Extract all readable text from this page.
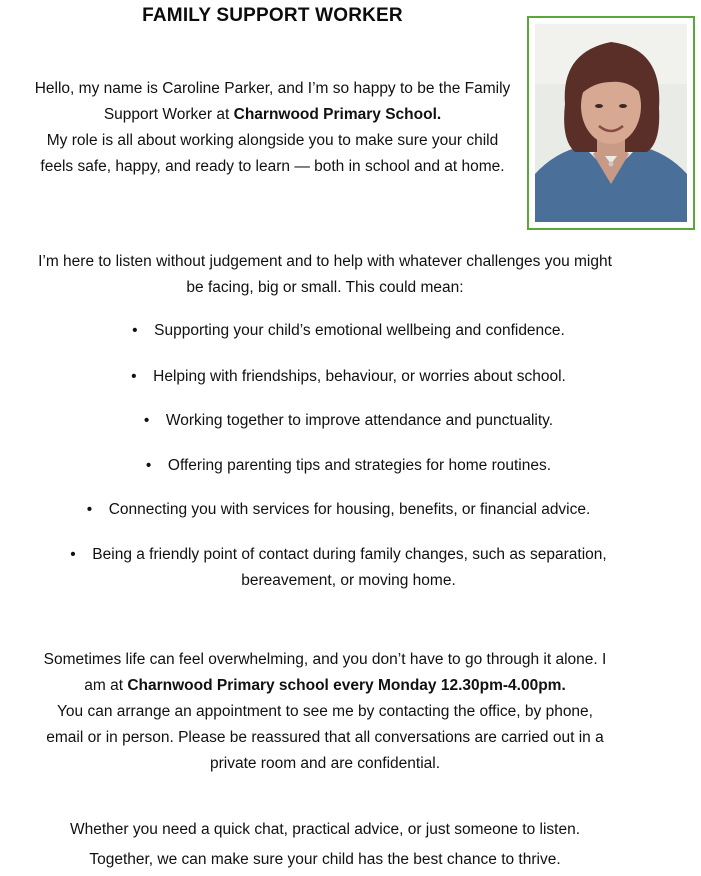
FAMILY SUPPORT WORKER
Hello, my name is Caroline Parker, and I’m so happy to be the Family
Support Worker at Charnwood Primary School.
My role is all about working alongside you to make sure your child
feels safe, happy, and ready to learn — both in school and at home.
I’m here to listen without judgement and to help with whatever challenges you might
be facing, big or small. This could mean:
• Supporting your child’s emotional wellbeing and confidence.
• Helping with friendships, behaviour, or worries about school.
• Working together to improve attendance and punctuality.
• Offering parenting tips and strategies for home routines.
• Connecting you with services for housing, benefits, or financial advice.
• Being a friendly point of contact during family changes, such as separation,
bereavement, or moving home.
Sometimes life can feel overwhelming, and you don’t have to go through it alone. I
am at Charnwood Primary school every Monday 12.30pm-4.00pm.
You can arrange an appointment to see me by contacting the office, by phone,
email or in person. Please be reassured that all conversations are carried out in a
private room and are confidential.
Whether you need a quick chat, practical advice, or just someone to listen.
Together, we can make sure your child has the best chance to thrive.
